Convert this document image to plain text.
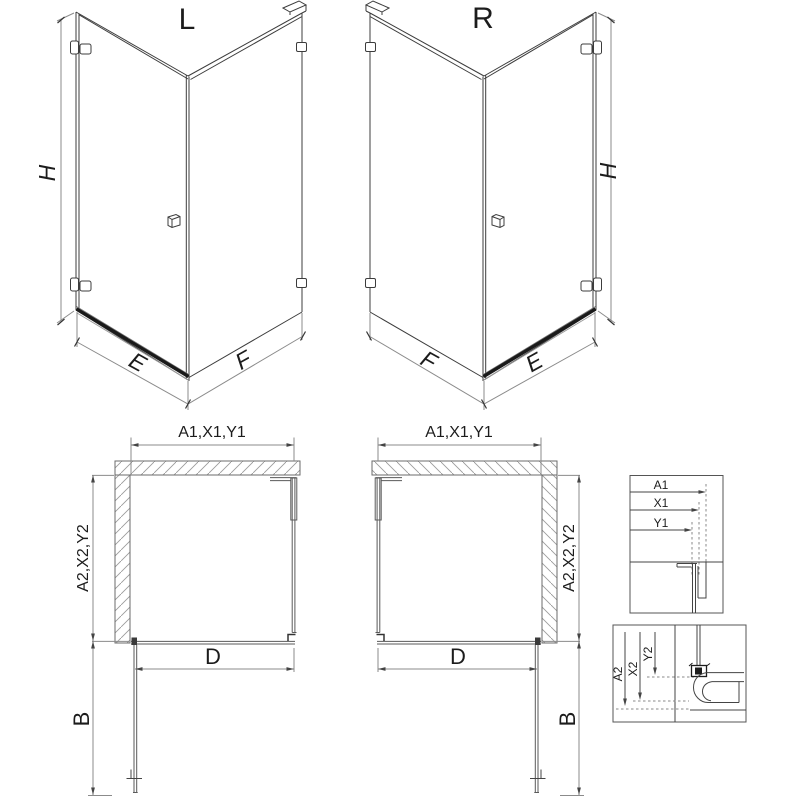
L	R
H	H
E	F	E
F
A1,X1,Y1	A1,X1,Y1
A2,X2,Y2	A2,X2,Y2
D	D
B	B
A1
X1
Y1
A2 X2
Y2
